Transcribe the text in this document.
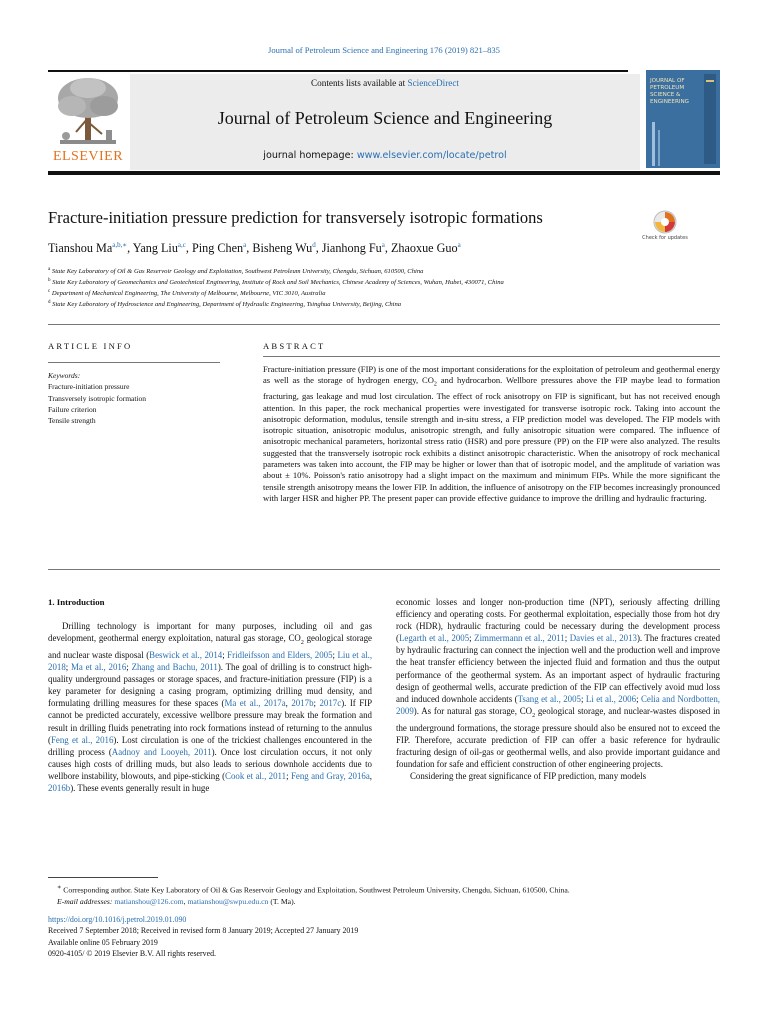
Journal of Petroleum Science and Engineering 176 (2019) 821–835
ELSEVIER
Contents lists available at ScienceDirect
Journal of Petroleum Science and Engineering
journal homepage: www.elsevier.com/locate/petrol
JOURNAL OF
PETROLEUM
SCIENCE &
ENGINEERING
Fracture-initiation pressure prediction for transversely isotropic formations
Check for updates
Tianshou $Ma^{a,b,∗}$, Yang Liu$^{a,c}$, Ping Chen$^a$, Bisheng Wu$^d$, Jianhong Fu$^a$, Zhaoxue Guo$^a$
$^a$ State Key Laboratory of Oil & Gas Reservoir Geology and Exploitation, Southwest Petroleum University, Chengdu, Sichuan, 610500, China
$^b$ State Key Laboratory of Geomechanics and Geotechnical Engineering, Institute of Rock and Soil Mechanics, Chinese Academy of Sciences, Wuhan, Hubei, 430071, China
$^c$ Department of Mechanical Engineering, The University of Melbourne, Melbourne, VIC 3010, Australia
$^d$ State Key Laboratory of Hydroscience and Engineering, Department of Hydraulic Engineering, Tsinghua University, Beijing, China
ARTICLE INFO
Keywords:
Fracture-initiation pressure
Transversely isotropic formation
Failure criterion
Tensile strength
ABSTRACT
Fracture-initiation pressure (FIP) is one of the most important considerations for the exploitation of petroleum and geothermal energy as well as the storage of hydrogen energy, $CO_2$ and hydrocarbon. Wellbore pressures above the FIP maybe lead to formation fracturing, gas leakage and mud lost circulation. The effect of rock anisotropy on FIP is significant, but has not received enough attention. In this paper, the rock mechanical properties were investigated for transverse isotropic rock. Taking into account the anisotropic deformation, modulus, tensile strength and in-situ stress, a FIP prediction model was developed. The FIP models with isotropic situation, anisotropic modulus, anisotropic strength, and fully anisotropic situation were compared. The influence of anisotropic mechanical parameters, horizontal stress ratio (HSR) and pore pressure (PP) on the FIP were also analyzed. The results suggested that the transversely isotropic rock exhibits a distinct anisotropic characteristic. When the anisotropy of rock mechanical parameters was taken into account, the FIP may be higher or lower than that of isotropic model, and the amplitude of variation was about ± 10%. Poisson's ratio anisotropy had a slight impact on the maximum and minimum FIPs. While the more significant the tensile strength anisotropy means the lower FIP. In addition, the influence of anisotropy on the FIP becomes increasingly pronounced with larger HSR and higher PP. The present paper can provide effective guidance to improve the drilling and hydraulic fracturing.
1. Introduction

Drilling technology is important for many purposes, including oil and gas development, geothermal energy exploitation, natural gas storage, $CO_2$ geological storage and nuclear waste disposal (Beswick et al., 2014; Fridleifsson and Elders, 2005; Liu et al., 2018; Ma et al., 2016; Zhang and Bachu, 2011). The goal of drilling is to construct high-quality underground passages or storage spaces, and fracture-initiation pressure (FIP) is a key parameter for designing a casing program, optimizing drilling mud density, and formulating drilling measures for these spaces (Ma et al., 2017a, 2017b; 2017c). If FIP cannot be predicted accurately, excessive wellbore pressure may break the formation and result in drilling fluids penetrating into rock formations instead of returning to the annulus (Feng et al., 2016). Lost circulation is one of the trickiest challenges encountered in the drilling process (Aadnoy and Looyeh, 2011). Once lost circulation occurs, it not only causes high costs of drilling muds, but also leads to serious downhole accidents due to wellbore instability, blowouts, and pipe-sticking (Cook et al., 2011; Feng and Gray, 2016a, 2016b). These events generally result in huge

economic losses and longer non-production time (NPT), seriously affecting drilling efficiency and operating costs. For geothermal exploitation, especially those from hot dry rock (HDR), hydraulic fracturing could be necessary during the development process (Legarth et al., 2005; Zimmermann et al., 2011; Davies et al., 2013). The fractures created by hydraulic fracturing can connect the injection well and the production well and improve the heat transfer efficiency between the injected fluid and formation and thus the output performance of the geothermal system. As an important aspect of hydraulic fracturing design of geothermal wells, accurate prediction of the FIP can effectively avoid mud loss and induced downhole accidents (Tsang et al., 2005; Li et al., 2006; Celia and Nordbotten, 2009). As for natural gas storage, $CO_2$ geological storage, and nuclear-wastes disposed in the underground formations, the storage pressure should also be ensured not to exceed the FIP. Therefore, accurate prediction of FIP can offer a basic reference for hydraulic fracturing design of oil-gas or geothermal wells, and also provide important guidance and foundation for safe and efficient construction of other engineering projects.

Considering the great significance of FIP prediction, many models

∗ Corresponding author. State Key Laboratory of Oil & Gas Reservoir Geology and Exploitation, Southwest Petroleum University, Chengdu, Sichuan, 610500, China.
E-mail addresses: matianshou@126.com, matianshou@swpu.edu.cn (T. Ma).
https://doi.org/10.1016/j.petrol.2019.01.090
Received 7 September 2018; Received in revised form 8 January 2019; Accepted 27 January 2019
Available online 05 February 2019
0920-4105/ © 2019 Elsevier B.V. All rights reserved.
